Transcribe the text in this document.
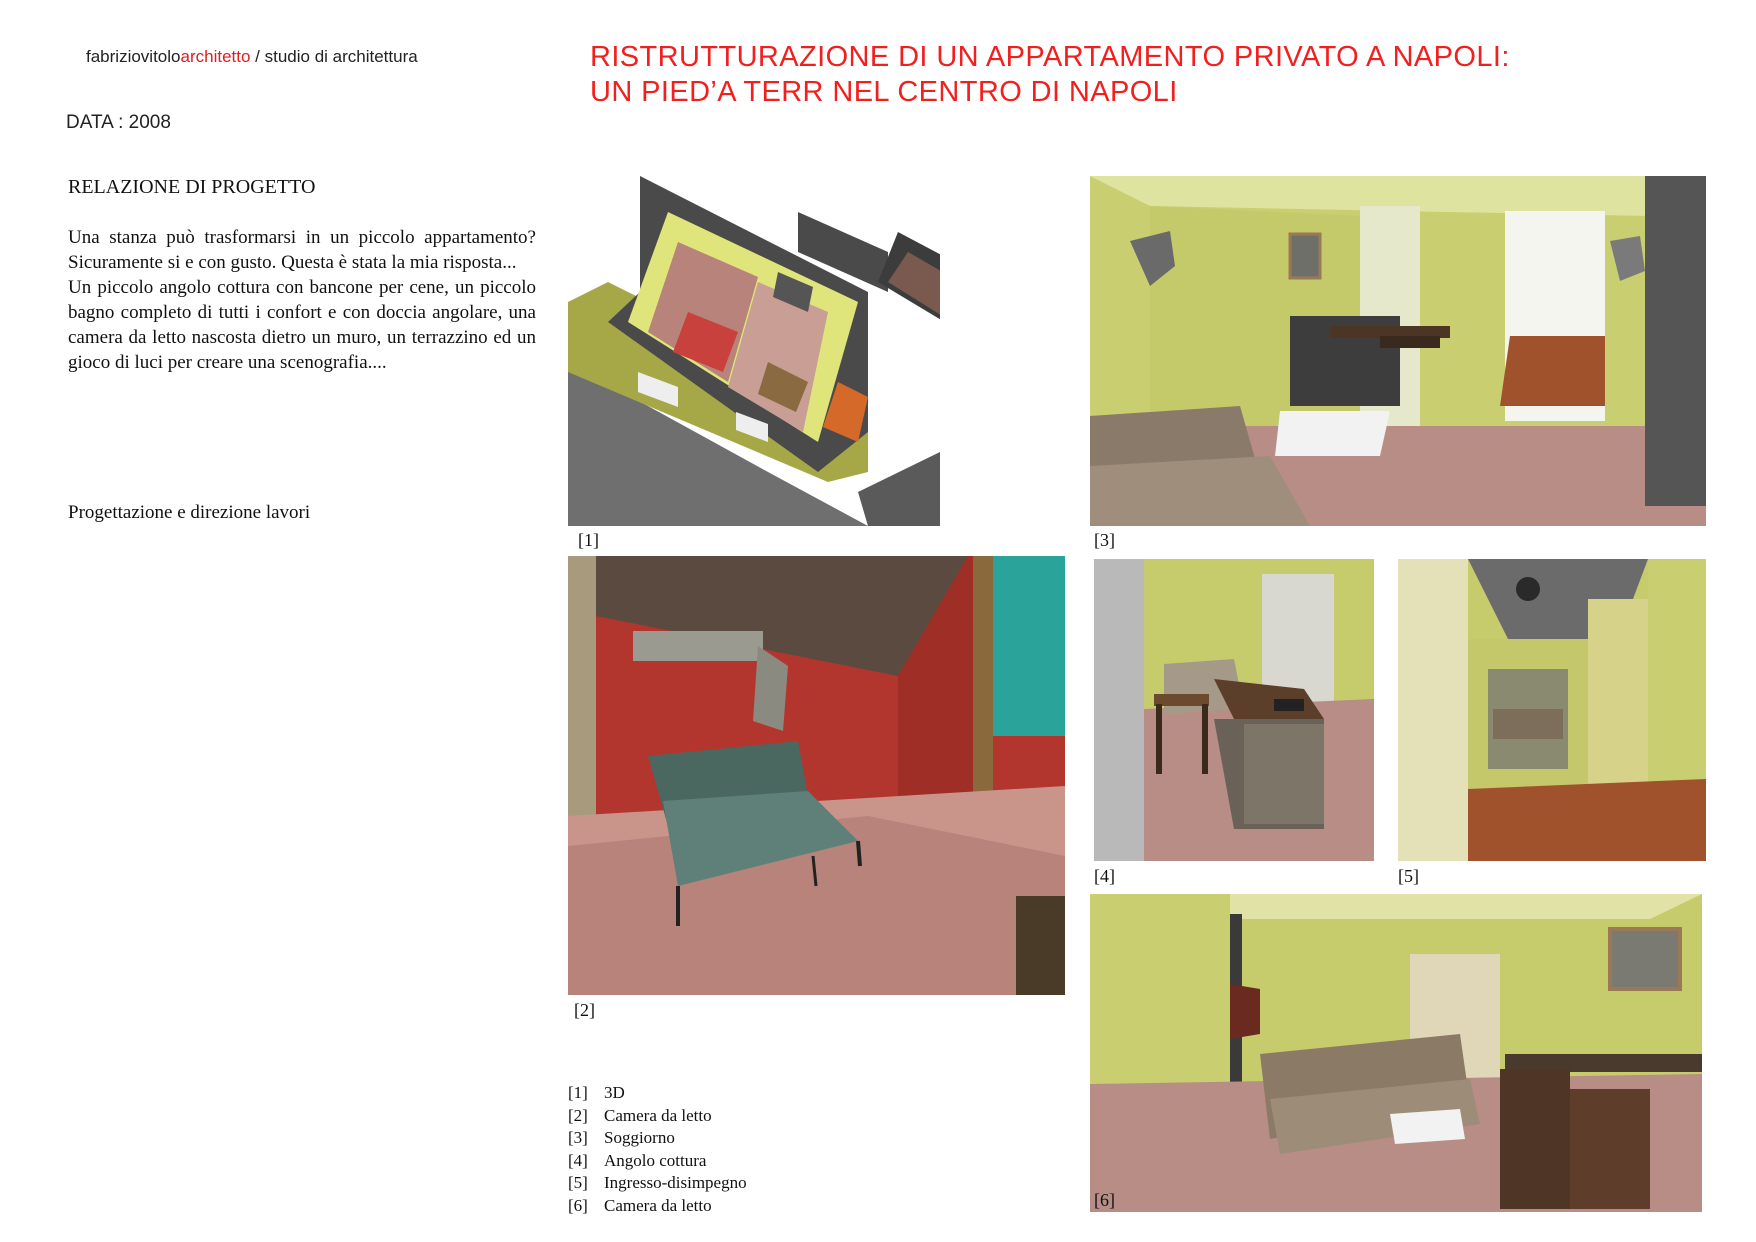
fabriziovitoloarchitetto / studio di architettura
DATA : 2008
RISTRUTTURAZIONE DI UN APPARTAMENTO PRIVATO A NAPOLI:
UN PIED’A TERR NEL CENTRO DI NAPOLI
RELAZIONE DI PROGETTO

Una stanza può trasformarsi in un piccolo appartamento? Sicuramente si e con gusto. Questa è stata la mia risposta...

Un piccolo angolo cottura con bancone per cene, un piccolo bagno completo di tutti i confort e con doccia angolare, una camera da letto nascosta dietro un muro, un terrazzino ed un gioco di luci per creare una scenografia....

Progettazione e direzione lavori
[1]	[3]
[2]
[4]	[5]
[6]
[1] 3D
[2] Camera da letto
[3] Soggiorno
[4] Angolo cottura
[5] Ingresso-disimpegno
[6] Camera da letto
